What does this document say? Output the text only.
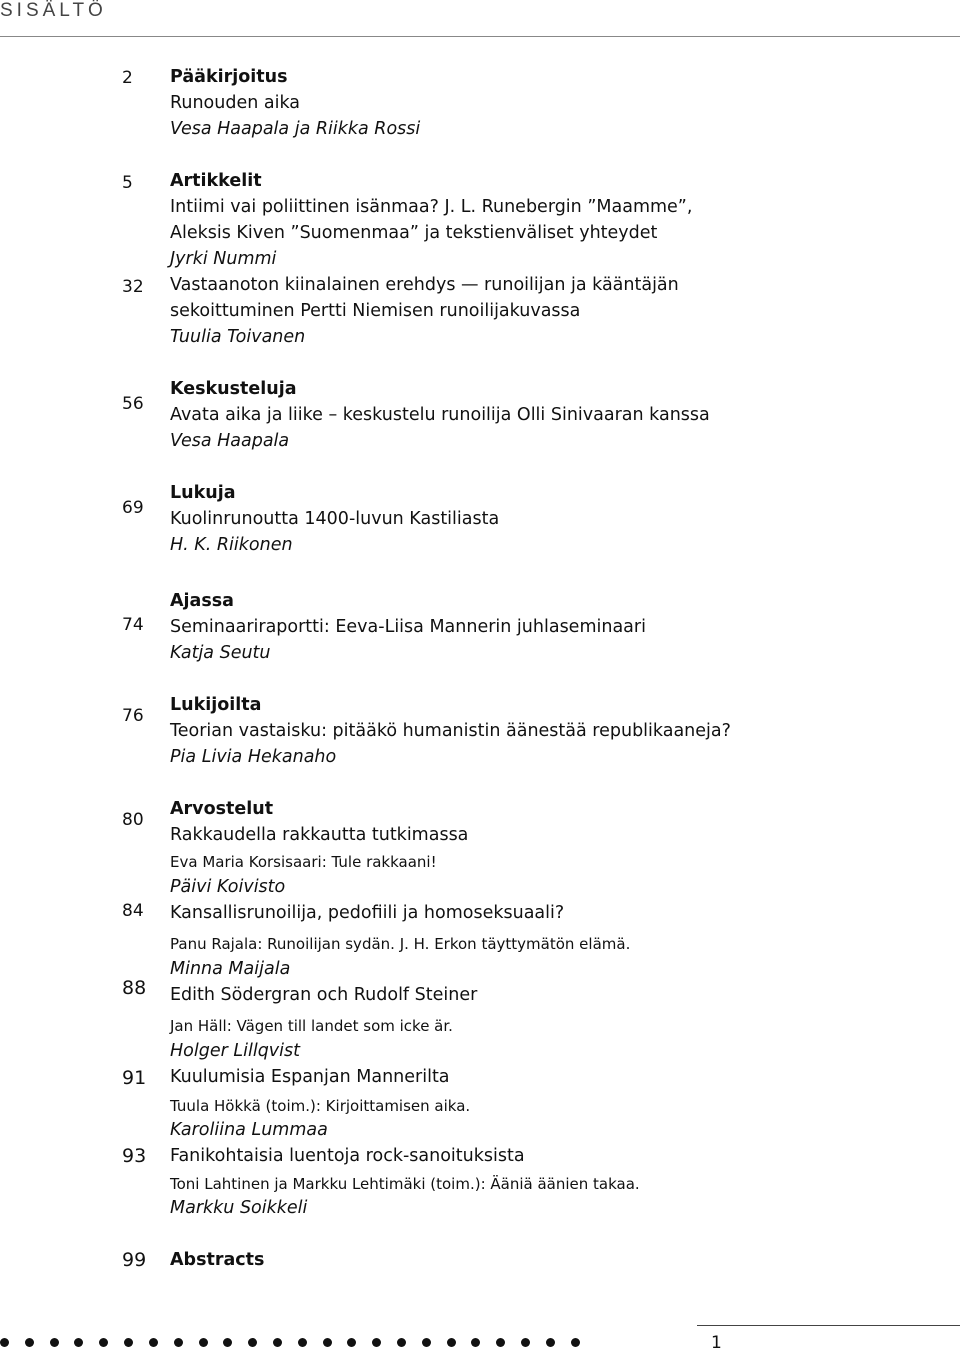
SISÄLTÖ
2 Pääkirjoitus
Runouden aika
Vesa Haapala ja Riikka Rossi
5 Artikkelit
Intiimi vai poliittinen isänmaa? J. L. Runebergin ”Maamme”,
Aleksis Kiven ”Suomenmaa” ja tekstienväliset yhteydet
Jyrki Nummi
32 Vastaanoton kiinalainen erehdys — runoilijan ja kääntäjän
sekoittuminen Pertti Niemisen runoilijakuvassa
Tuulia Toivanen
56
Keskusteluja
Avata aika ja liike – keskustelu runoilija Olli Sinivaaran kanssa
Vesa Haapala
69
Lukuja
Kuolinrunoutta 1400-luvun Kastiliasta
H. K. Riikonen
74
Ajassa
Seminaariraportti: Eeva-Liisa Mannerin juhlaseminaari
Katja Seutu
76
Lukijoilta
Teorian vastaisku: pitääkö humanistin äänestää republikaaneja?
Pia Livia Hekanaho
80
Arvostelut
Rakkaudella rakkautta tutkimassa
Eva Maria Korsisaari: Tule rakkaani!
Päivi Koivisto
84 Kansallisrunoilija, pedofiili ja homoseksuaali?
Panu Rajala: Runoilijan sydän. J. H. Erkon täyttymätön elämä.
Minna Maijala
88 Edith Södergran och Rudolf Steiner
Jan Häll: Vägen till landet som icke är.
Holger Lillqvist
91 Kuulumisia Espanjan Mannerilta
Tuula Hökkä (toim.): Kirjoittamisen aika.
Karoliina Lummaa
93 Fanikohtaisia luentoja rock-sanoituksista
Toni Lahtinen ja Markku Lehtimäki (toim.): Ääniä äänien takaa.
Markku Soikkeli
99 Abstracts
1
